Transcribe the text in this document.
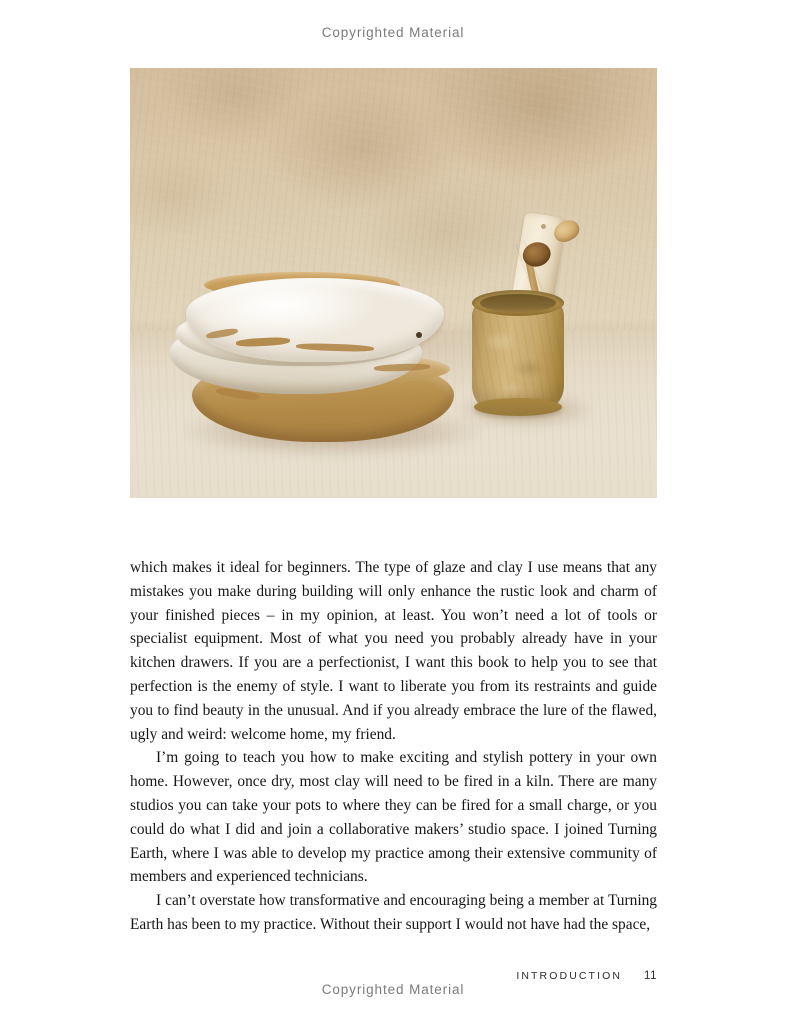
Copyrighted Material

which makes it ideal for beginners. The type of glaze and clay I use means that any mistakes you make during building will only enhance the rustic look and charm of your finished pieces – in my opinion, at least. You won’t need a lot of tools or specialist equipment. Most of what you need you probably already have in your kitchen drawers. If you are a perfectionist, I want this book to help you to see that perfection is the enemy of style. I want to liberate you from its restraints and guide you to find beauty in the unusual. And if you already embrace the lure of the flawed, ugly and weird: welcome home, my friend.

I’m going to teach you how to make exciting and stylish pottery in your own home. However, once dry, most clay will need to be fired in a kiln. There are many studios you can take your pots to where they can be fired for a small charge, or you could do what I did and join a collaborative makers’ studio space. I joined Turning Earth, where I was able to develop my practice among their extensive community of members and experienced technicians.

I can’t overstate how transformative and encouraging being a member at Turning Earth has been to my practice. Without their support I would not have had the space,

INTRODUCTION 11
Copyrighted Material
